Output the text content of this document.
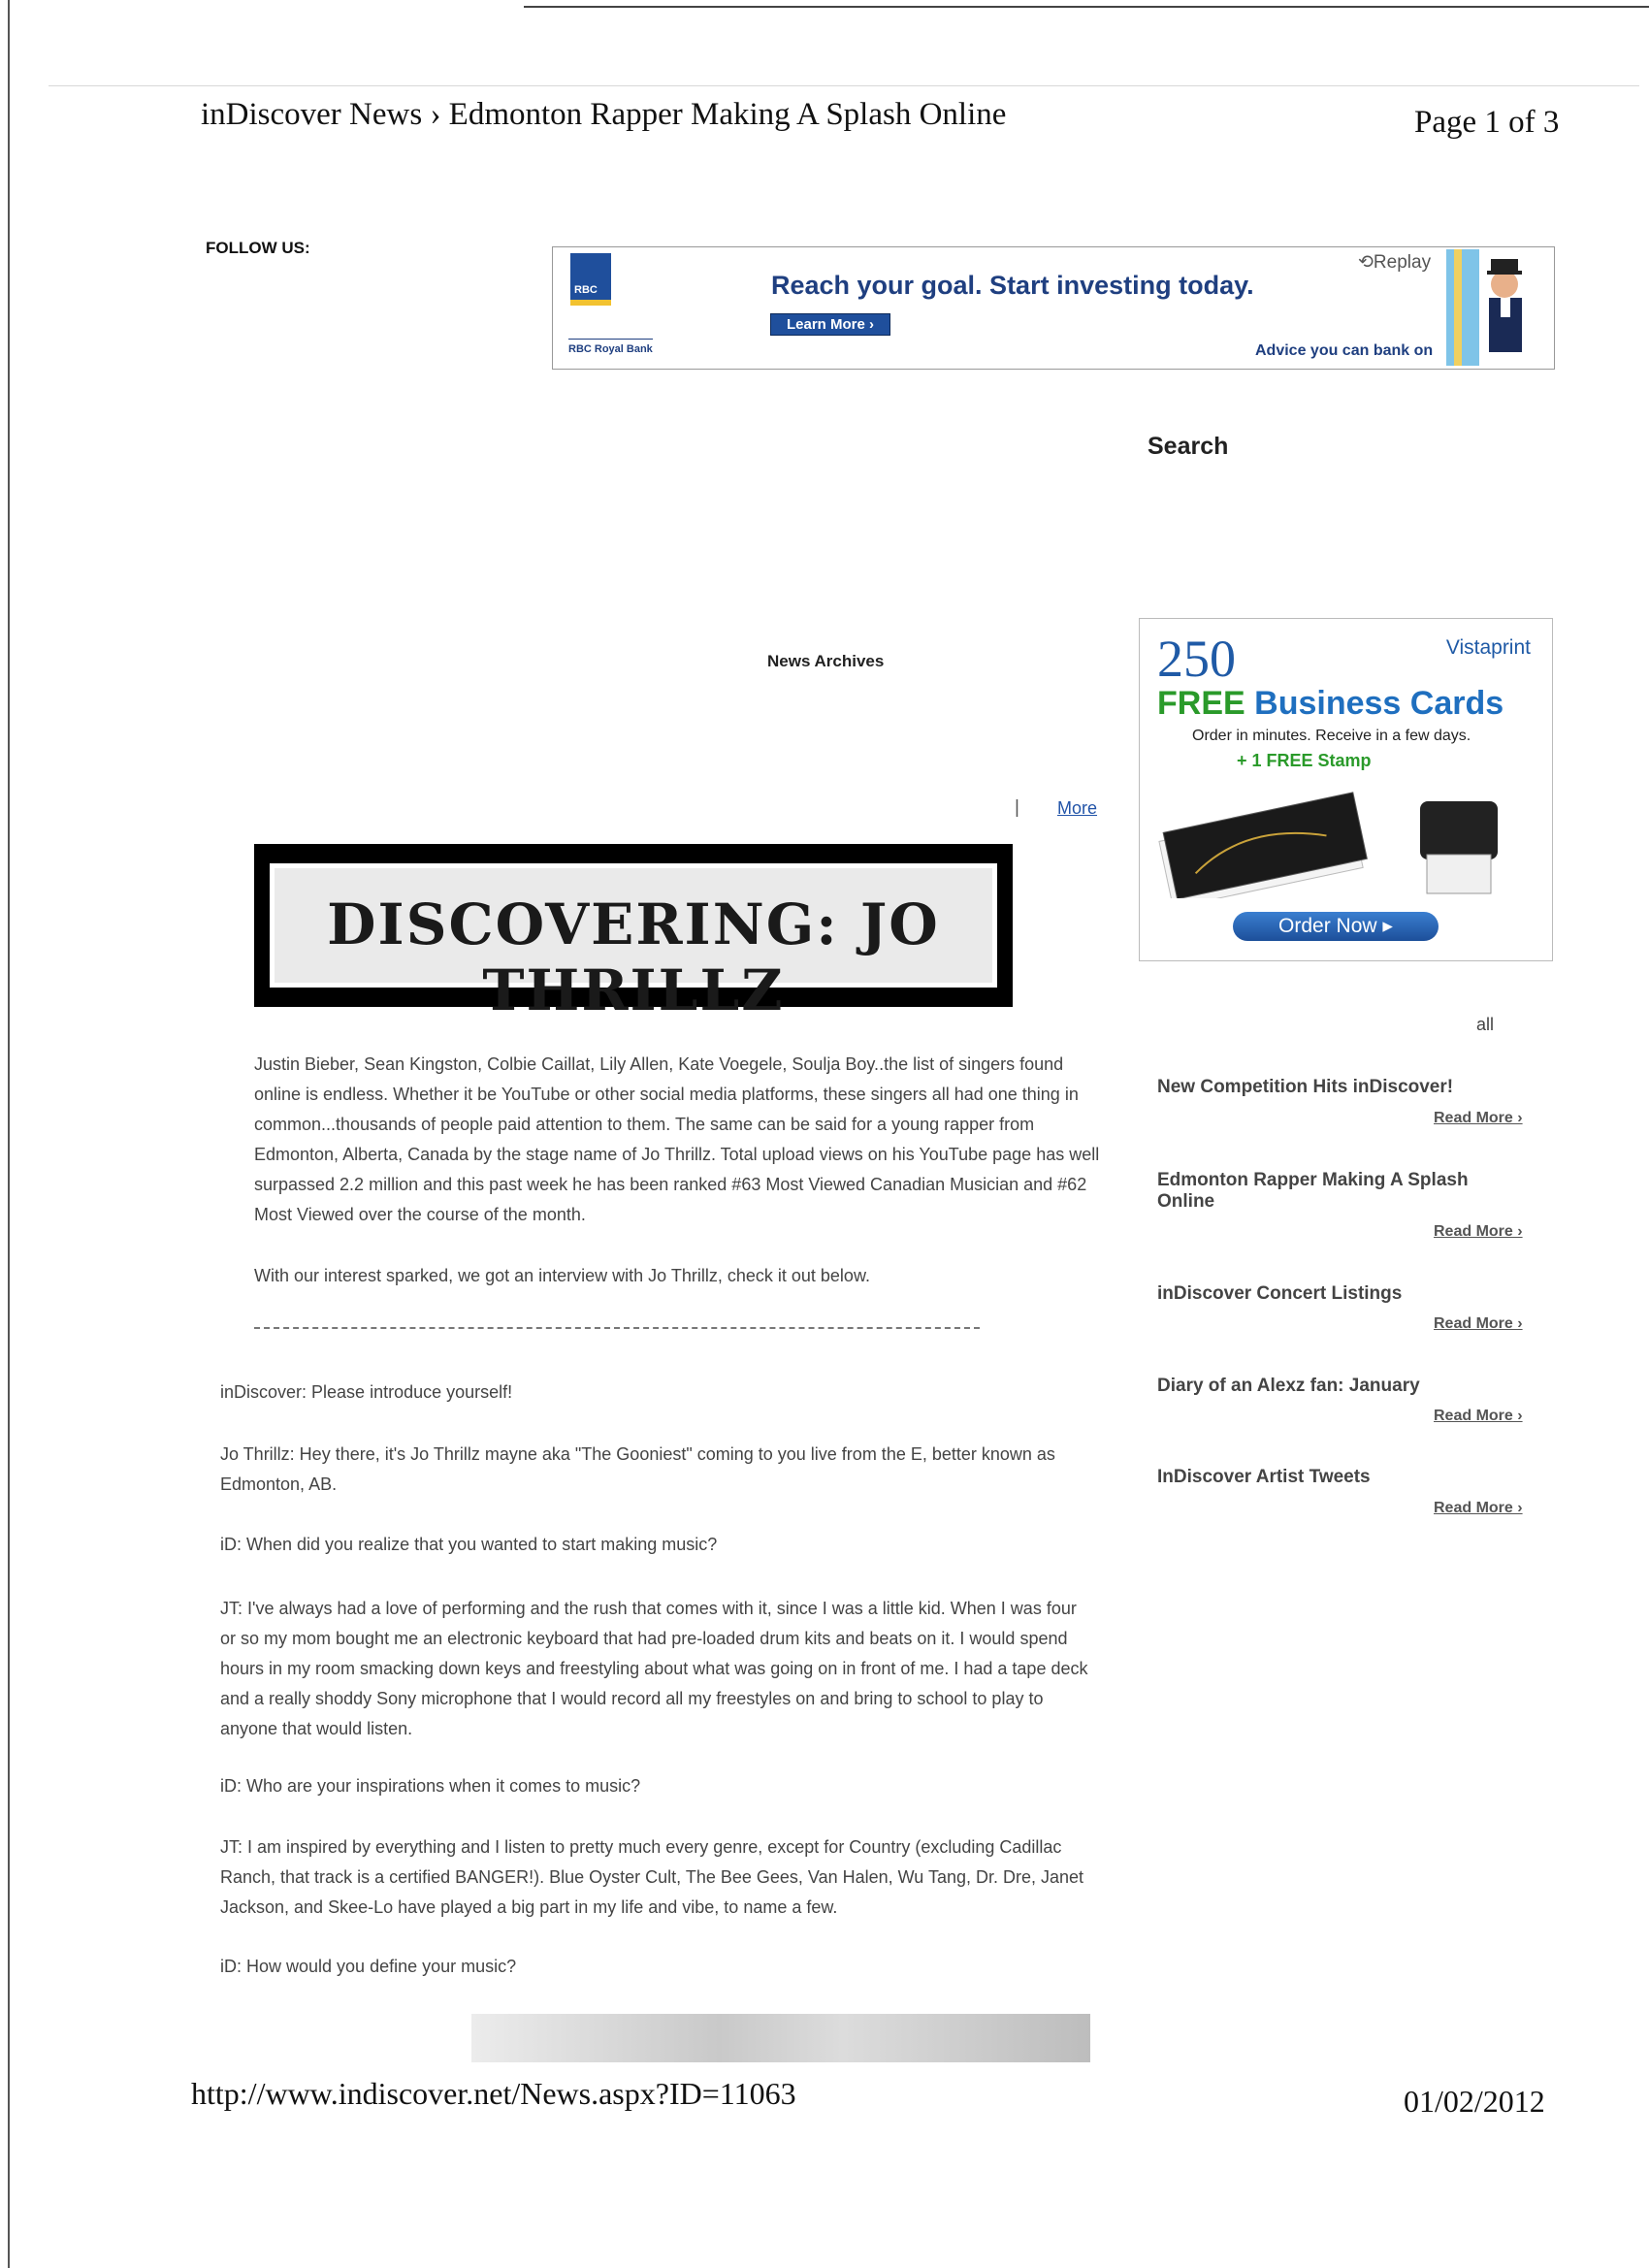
inDiscover News › Edmonton Rapper Making A Splash Online	Page 1 of 3
FOLLOW US:
RBC
RBC Royal Bank
Reach your goal. Start investing today.
Learn More ›
⟲Replay
Advice you can bank on
Search
News Archives
| More
DISCOVERING: JO THRILLZ
250	Vistaprint
FREE Business Cards
Order in minutes. Receive in a few days.
+ 1 FREE Stamp
Order Now ▸
all
New Competition Hits inDiscover!
Read More ›
Edmonton Rapper Making A Splash Online
Read More ›
inDiscover Concert Listings
Read More ›
Diary of an Alexz fan: January
Read More ›
InDiscover Artist Tweets
Read More ›
Justin Bieber, Sean Kingston, Colbie Caillat, Lily Allen, Kate Voegele, Soulja Boy..the list of singers found online is endless. Whether it be YouTube or other social media platforms, these singers all had one thing in common...thousands of people paid attention to them. The same can be said for a young rapper from Edmonton, Alberta, Canada by the stage name of Jo Thrillz. Total upload views on his YouTube page has well surpassed 2.2 million and this past week he has been ranked #63 Most Viewed Canadian Musician and #62 Most Viewed over the course of the month.
With our interest sparked, we got an interview with Jo Thrillz, check it out below.
inDiscover: Please introduce yourself!
Jo Thrillz: Hey there, it's Jo Thrillz mayne aka "The Gooniest" coming to you live from the E, better known as Edmonton, AB.
iD: When did you realize that you wanted to start making music?
JT: I've always had a love of performing and the rush that comes with it, since I was a little kid. When I was four or so my mom bought me an electronic keyboard that had pre-loaded drum kits and beats on it. I would spend hours in my room smacking down keys and freestyling about what was going on in front of me. I had a tape deck and a really shoddy Sony microphone that I would record all my freestyles on and bring to school to play to anyone that would listen.
iD: Who are your inspirations when it comes to music?
JT: I am inspired by everything and I listen to pretty much every genre, except for Country (excluding Cadillac Ranch, that track is a certified BANGER!). Blue Oyster Cult, The Bee Gees, Van Halen, Wu Tang, Dr. Dre, Janet Jackson, and Skee-Lo have played a big part in my life and vibe, to name a few.
iD: How would you define your music?
http://www.indiscover.net/News.aspx?ID=11063	01/02/2012
